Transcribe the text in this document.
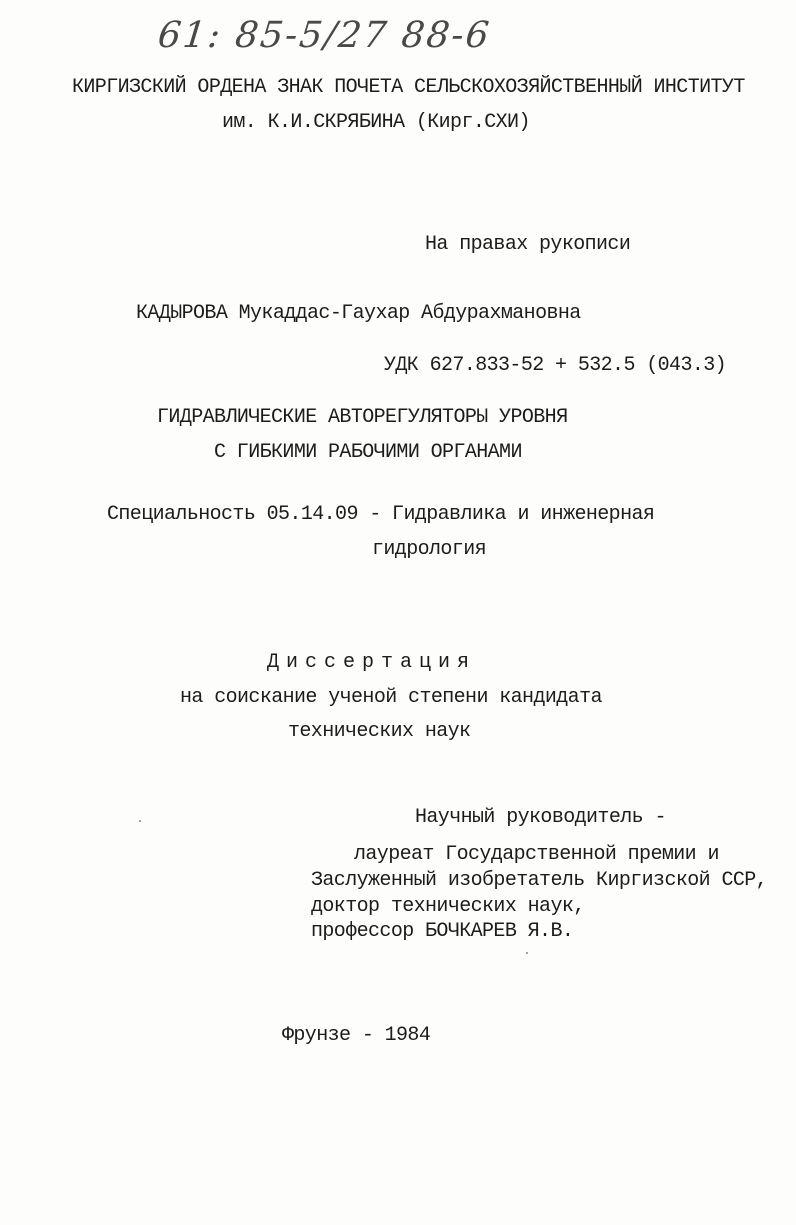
61: 85-5/27 88-6
КИРГИЗСКИЙ ОРДЕНА ЗНАК ПОЧЕТА СЕЛЬСКОХОЗЯЙСТВЕННЫЙ ИНСТИТУТ
им. К.И.СКРЯБИНА (Кирг.СХИ)
На правах рукописи
КАДЫРОВА Мукаддас-Гаухар Абдурахмановна
УДК 627.833-52 + 532.5 (043.3)
ГИДРАВЛИЧЕСКИЕ АВТОРЕГУЛЯТОРЫ УРОВНЯ
С ГИБКИМИ РАБОЧИМИ ОРГАНАМИ
Специальность 05.14.09 - Гидравлика и инженерная
гидрология
Диссертация
на соискание ученой степени кандидата
технических наук
Научный руководитель -
лауреат Государственной премии и
Заслуженный изобретатель Киргизской ССР,
доктор технических наук,
профессор БОЧКАРЕВ Я.В.
Фрунзе - 1984
